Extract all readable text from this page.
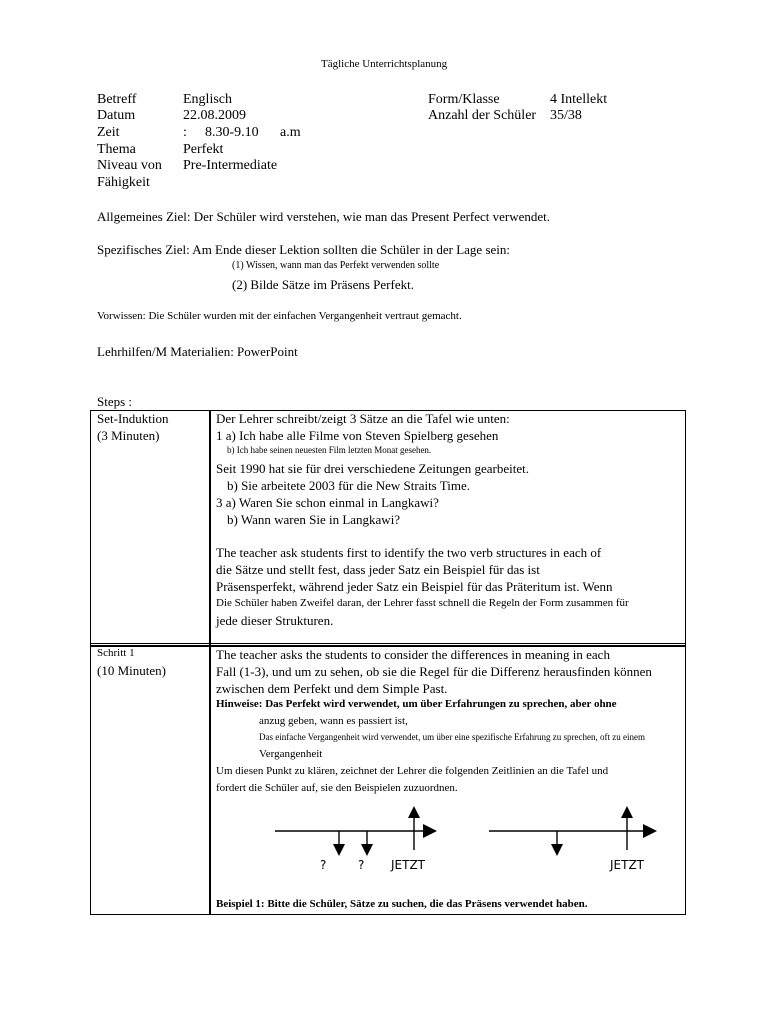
Tägliche Unterrichtsplanung
Betreff	Englisch
Datum	22.08.2009
Zeit	: 8.30-9.10 a.m
Thema	Perfekt
Niveau von
Fähigkeit
Pre-Intermediate
Form/Klasse	4 Intellekt
Anzahl der Schüler 35/38
Allgemeines Ziel: Der Schüler wird verstehen, wie man das Present Perfect verwendet.
Spezifisches Ziel: Am Ende dieser Lektion sollten die Schüler in der Lage sein:
(1) Wissen, wann man das Perfekt verwenden sollte
(2) Bilde Sätze im Präsens Perfekt.
Vorwissen: Die Schüler wurden mit der einfachen Vergangenheit vertraut gemacht.
Lehrhilfen/M Materialien: PowerPoint
Steps :
Set-Induktion
(3 Minuten)
Der Lehrer schreibt/zeigt 3 Sätze an die Tafel wie unten:
1 a) Ich habe alle Filme von Steven Spielberg gesehen
b) Ich habe seinen neuesten Film letzten Monat gesehen.
Seit 1990 hat sie für drei verschiedene Zeitungen gearbeitet.
b) Sie arbeitete 2003 für die New Straits Time.
3 a) Waren Sie schon einmal in Langkawi?
b) Wann waren Sie in Langkawi?
The teacher ask students first to identify the two verb structures in each of
die Sätze und stellt fest, dass jeder Satz ein Beispiel für das ist
Präsensperfekt, während jeder Satz ein Beispiel für das Präteritum ist. Wenn
Die Schüler haben Zweifel daran, der Lehrer fasst schnell die Regeln der Form zusammen für
jede dieser Strukturen.
Schritt 1
(10 Minuten)
The teacher asks the students to consider the differences in meaning in each
Fall (1-3), und um zu sehen, ob sie die Regel für die Differenz herausfinden können
zwischen dem Perfekt und dem Simple Past.
Hinweise: Das Perfekt wird verwendet, um über Erfahrungen zu sprechen, aber ohne
anzug geben, wann es passiert ist,
Das einfache Vergangenheit wird verwendet, um über eine spezifische Erfahrung zu sprechen, oft zu einem
Vergangenheit
Um diesen Punkt zu klären, zeichnet der Lehrer die folgenden Zeitlinien an die Tafel und
fordert die Schüler auf, sie den Beispielen zuzuordnen.
?	? JETZT	JETZT
Beispiel 1: Bitte die Schüler, Sätze zu suchen, die das Präsens verwendet haben.
